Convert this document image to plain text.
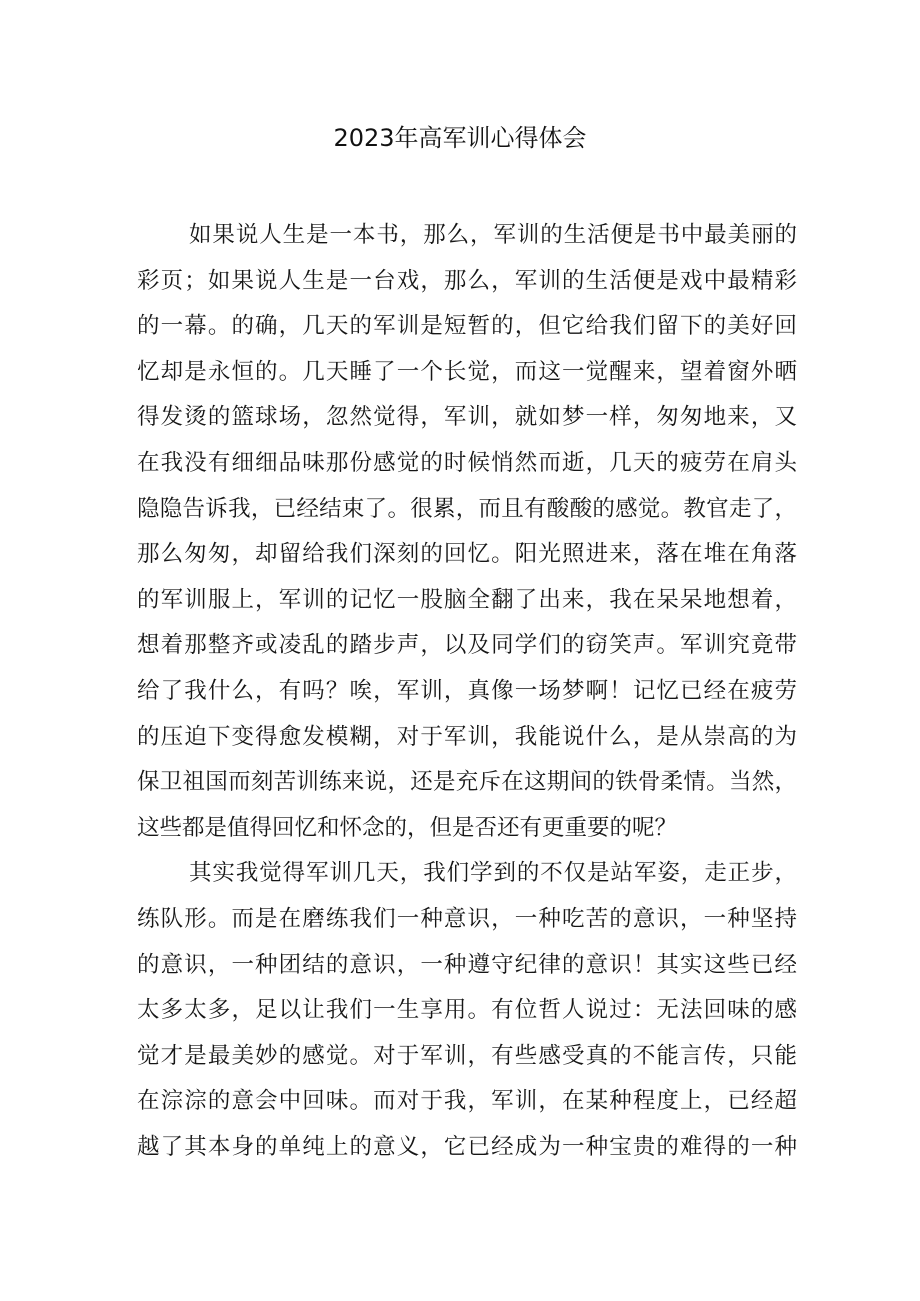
2023年高军训心得体会
如果说人生是一本书，那么，军训的生活便是书中最美丽的
彩页；如果说人生是一台戏，那么，军训的生活便是戏中最精彩
的一幕。的确，几天的军训是短暂的，但它给我们留下的美好回
忆却是永恒的。几天睡了一个长觉，而这一觉醒来，望着窗外晒
得发烫的篮球场，忽然觉得，军训，就如梦一样，匆匆地来，又
在我没有细细品味那份感觉的时候悄然而逝，几天的疲劳在肩头
隐隐告诉我，已经结束了。很累，而且有酸酸的感觉。教官走了，
那么匆匆，却留给我们深刻的回忆。阳光照进来，落在堆在角落
的军训服上，军训的记忆一股脑全翻了出来，我在呆呆地想着，
想着那整齐或凌乱的踏步声，以及同学们的窃笑声。军训究竟带
给了我什么，有吗？唉，军训，真像一场梦啊！记忆已经在疲劳
的压迫下变得愈发模糊，对于军训，我能说什么，是从崇高的为
保卫祖国而刻苦训练来说，还是充斥在这期间的铁骨柔情。当然，
这些都是值得回忆和怀念的，但是否还有更重要的呢？
其实我觉得军训几天，我们学到的不仅是站军姿，走正步，
练队形。而是在磨练我们一种意识，一种吃苦的意识，一种坚持
的意识，一种团结的意识，一种遵守纪律的意识！其实这些已经
太多太多，足以让我们一生享用。有位哲人说过：无法回味的感
觉才是最美妙的感觉。对于军训，有些感受真的不能言传，只能
在淙淙的意会中回味。而对于我，军训，在某种程度上，已经超
越了其本身的单纯上的意义，它已经成为一种宝贵的难得的一种
